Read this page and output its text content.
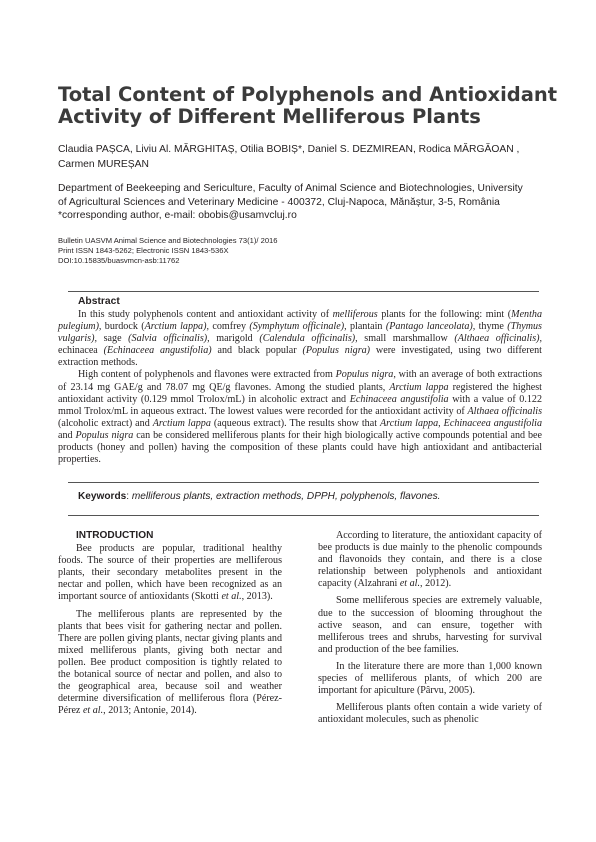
Total Content of Polyphenols and Antioxidant
Activity of Different Melliferous Plants
Claudia PAȘCA, Liviu Al. MĂRGHITAȘ, Otilia BOBIȘ*, Daniel S. DEZMIREAN, Rodica MĂRGĂOAN , Carmen MUREȘAN
Department of Beekeeping and Sericulture, Faculty of Animal Science and Biotechnologies, University
of Agricultural Sciences and Veterinary Medicine - 400372, Cluj-Napoca, Mănăștur, 3-5, România
*corresponding author, e-mail: obobis@usamvcluj.ro
Bulletin UASVM Animal Science and Biotechnologies 73(1)/ 2016
Print ISSN 1843-5262; Electronic ISSN 1843-536X
DOI:10.15835/buasvmcn-asb:11762
Abstract

In this study polyphenols content and antioxidant activity of melliferous plants for the following: mint (Mentha pulegium), burdock (Arctium lappa), comfrey (Symphytum officinale), plantain (Pantago lanceolata), thyme (Thymus vulgaris), sage (Salvia officinalis), marigold (Calendula officinalis), small marshmallow (Althaea officinalis), echinacea (Echinaceea angustifolia) and black popular (Populus nigra) were investigated, using two different extraction methods.

High content of polyphenols and flavones were extracted from Populus nigra, with an average of both extractions of 23.14 mg GAE/g and 78.07 mg QE/g flavones. Among the studied plants, Arctium lappa registered the highest antioxidant activity (0.129 mmol Trolox/mL) in alcoholic extract and Echinaceea angustifolia with a value of 0.122 mmol Trolox/mL in aqueous extract. The lowest values were recorded for the antioxidant activity of Althaea officinalis (alcoholic extract) and Arctium lappa (aqueous extract). The results show that Arctium lappa, Echinaceea angustifolia and Populus nigra can be considered melliferous plants for their high biologically active compounds potential and bee products (honey and pollen) having the composition of these plants could have high antioxidant and antibacterial properties.

Keywords: melliferous plants, extraction methods, DPPH, polyphenols, flavones.
INTRODUCTION

Bee products are popular, traditional healthy foods. The source of their properties are melliferous plants, their secondary metabolites present in the nectar and pollen, which have been recognized as an important source of antioxidants (Skotti et al., 2013).

The melliferous plants are represented by the plants that bees visit for gathering nectar and pollen. There are pollen giving plants, nectar giving plants and mixed melliferous plants, giving both nectar and pollen. Bee product composition is tightly related to the botanical source of nectar and pollen, and also to the geographical area, because soil and weather determine diversification of melliferous flora (Pérez-Pérez et al., 2013; Antonie, 2014).

According to literature, the antioxidant capacity of bee products is due mainly to the phenolic compounds and flavonoids they contain, and there is a close relationship between polyphenols and antioxidant capacity (Alzahrani et al., 2012).

Some melliferous species are extremely valuable, due to the succession of blooming throughout the active season, and can ensure, together with melliferous trees and shrubs, harvesting for survival and production of the bee families.

In the literature there are more than 1,000 known species of melliferous plants, of which 200 are important for apiculture (Pârvu, 2005).

Melliferous plants often contain a wide variety of antioxidant molecules, such as phenolic
